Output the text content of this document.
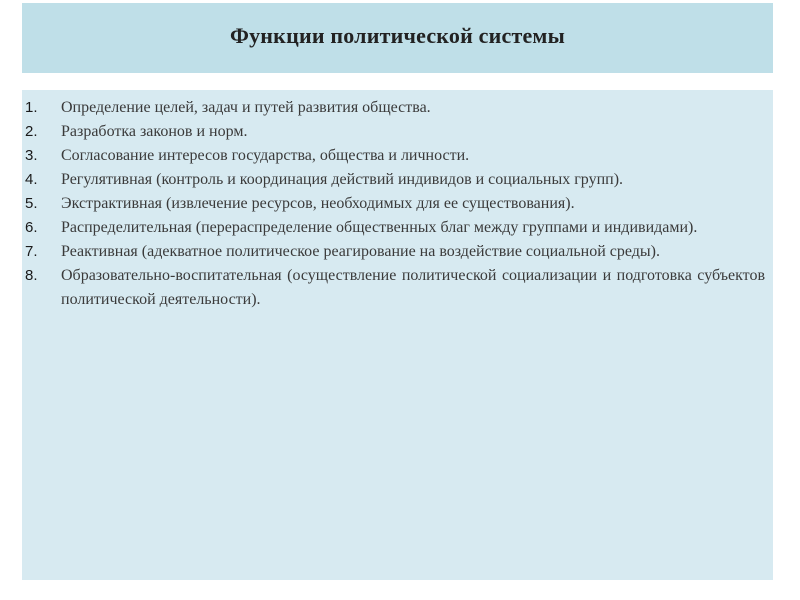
Функции политической системы
1. Определение целей, задач и путей развития общества.
2. Разработка законов и норм.
3. Согласование интересов государства, общества и личности.
4. Регулятивная (контроль и координация действий индивидов и социальных групп).
5. Экстрактивная (извлечение ресурсов, необходимых для ее существования).
6. Распределительная (перераспределение общественных благ между группами и индивидами).
7. Реактивная (адекватное политическое реагирование на воздействие социальной среды).
8. Образовательно-воспитательная (осуществление политической социализации и подготовка субъектов политической деятельности).
